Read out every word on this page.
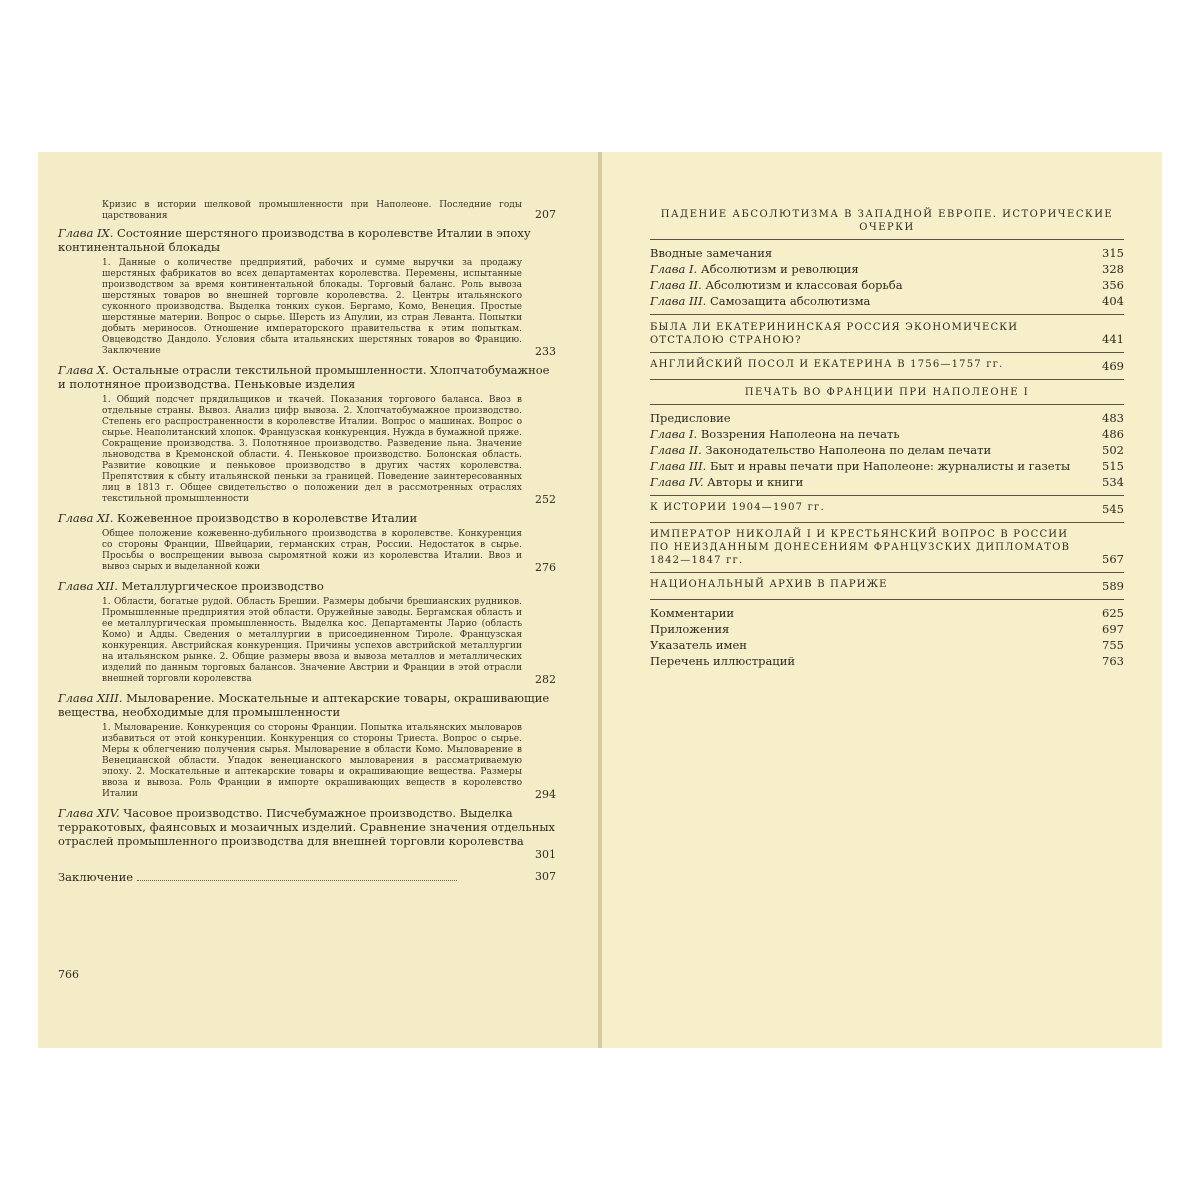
Кризис в истории шелковой промышленности при Наполеоне. Последние годы царствования	207
Глава IX. Состояние шерстяного производства в королевстве Италии в эпоху континентальной блокады
1. Данные о количестве предприятий, рабочих и сумме выручки за продажу шерстяных фабрикатов во всех департаментах королевства. Перемены, испытанные производством за время континентальной блокады. Торговый баланс. Роль вывоза шерстяных товаров во внешней торговле королевства. 2. Центры итальянского суконного производства. Выделка тонких сукон. Бергамо, Комо, Венеция. Простые шерстяные материи. Вопрос о сырье. Шерсть из Апулии, из стран Леванта. Попытки добыть мериносов. Отношение императорского правительства к этим попыткам. Овцеводство Дандоло. Условия сбыта итальянских шерстяных товаров во Францию. Заключение	233
Глава X. Остальные отрасли текстильной промышленности. Хлопчатобумажное и полотняное производства. Пеньковые изделия
1. Общий подсчет прядильщиков и ткачей. Показания торгового баланса. Ввоз в отдельные страны. Вывоз. Анализ цифр вывоза. 2. Хлопчатобумажное производство. Степень его распространенности в королевстве Италии. Вопрос о машинах. Вопрос о сырье. Неаполитанский хлопок. Французская конкуренция. Нужда в бумажной пряже. Сокращение производства. 3. Полотняное производство. Разведение льна. Значение льноводства в Кремонской области. 4. Пеньковое производство. Болонская область. Развитие ковоцкие и пеньковое производство в других частях королевства. Препятствия к сбыту итальянской пеньки за границей. Поведение заинтересованных лиц в 1813 г. Общее свидетельство о положении дел в рассмотренных отраслях текстильной промышленности	252
Глава XI. Кожевенное производство в королевстве Италии
Общее положение кожевенно-дубильного производства в королевстве. Конкуренция со стороны Франции, Швейцарии, германских стран, России. Недостаток в сырье. Просьбы о воспрещении вывоза сыромятной кожи из королевства Италии. Ввоз и вывоз сырых и выделанной кожи	276
Глава XII. Металлургическое производство
1. Области, богатые рудой. Область Брешии. Размеры добычи брешианских рудников. Промышленные предприятия этой области. Оружейные заводы. Бергамская область и ее металлургическая промышленность. Выделка кос. Департаменты Ларио (область Комо) и Адды. Сведения о металлургии в присоединенном Тироле. Французская конкуренция. Австрийская конкуренция. Причины успехов австрийской металлургии на итальянском рынке. 2. Общие размеры ввоза и вывоза металлов и металлических изделий по данным торговых балансов. Значение Австрии и Франции в этой отрасли внешней торговли королевства	282
Глава XIII. Мыловарение. Москательные и аптекарские товары, окрашивающие вещества, необходимые для промышленности
1. Мыловарение. Конкуренция со стороны Франции. Попытка итальянских мыловаров избавиться от этой конкуренции. Конкуренция со стороны Триеста. Вопрос о сырье. Меры к облегчению получения сырья. Мыловарение в области Комо. Мыловарение в Венецианской области. Упадок венецианского мыловарения в рассматриваемую эпоху. 2. Москательные и аптекарские товары и окрашивающие вещества. Размеры ввоза и вывоза. Роль Франции в импорте окрашивающих веществ в королевство Италии	294
Глава XIV. Часовое производство. Писчебумажное производство. Выделка терракотовых, фаянсовых и мозаичных изделий. Сравнение значения отдельных отраслей промышленного производства для внешней торговли королевства
301
Заключение	307
766
ПАДЕНИЕ АБСОЛЮТИЗМА В ЗАПАДНОЙ ЕВРОПЕ. ИСТОРИЧЕСКИЕ ОЧЕРКИ
Вводные замечания	315
Глава I. Абсолютизм и революция	328
Глава II. Абсолютизм и классовая борьба	356
Глава III. Самозащита абсолютизма	404
БЫЛА ЛИ ЕКАТЕРИНИНСКАЯ РОССИЯ ЭКОНОМИЧЕСКИ ОТСТАЛОЮ СТРАНОЮ?	441
АНГЛИЙСКИЙ ПОСОЛ И ЕКАТЕРИНА В 1756—1757 гг.	469
ПЕЧАТЬ ВО ФРАНЦИИ ПРИ НАПОЛЕОНЕ I
Предисловие	483
Глава I. Воззрения Наполеона на печать	486
Глава II. Законодательство Наполеона по делам печати	502
Глава III. Быт и нравы печати при Наполеоне: журналисты и газеты	515
Глава IV. Авторы и книги	534
К ИСТОРИИ 1904—1907 гг.	545
ИМПЕРАТОР НИКОЛАЙ I И КРЕСТЬЯНСКИЙ ВОПРОС В РОССИИ ПО НЕИЗДАННЫМ ДОНЕСЕНИЯМ ФРАНЦУЗСКИХ ДИПЛОМАТОВ 1842—1847 гг.	567
НАЦИОНАЛЬНЫЙ АРХИВ В ПАРИЖЕ	589
Комментарии	625
Приложения	697
Указатель имен	755
Перечень иллюстраций	763
